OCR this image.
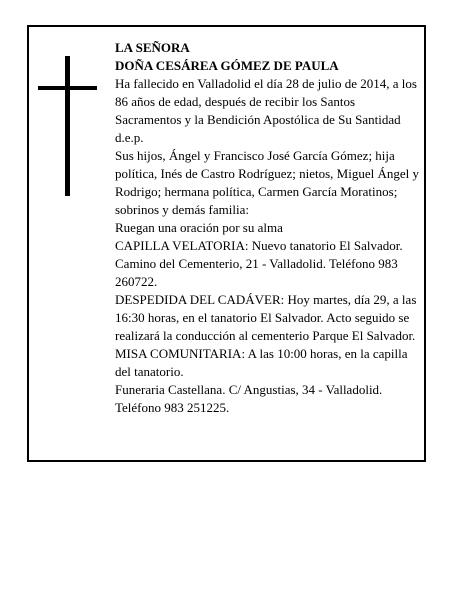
LA SEÑORA

DOÑA CESÁREA GÓMEZ DE PAULA

Ha fallecido en Valladolid el día 28 de julio de 2014, a los 86 años de edad, después de recibir los Santos Sacramentos y la Bendición Apostólica de Su Santidad d.e.p.

Sus hijos, Ángel y Francisco José García Gómez; hija política, Inés de Castro Rodríguez; nietos, Miguel Ángel y Rodrigo; hermana política, Carmen García Moratinos; sobrinos y demás familia:

Ruegan una oración por su alma

CAPILLA VELATORIA: Nuevo tanatorio El Salvador. Camino del Cementerio, 21 - Valladolid. Teléfono 983 260722.

DESPEDIDA DEL CADÁVER: Hoy martes, día 29, a las 16:30 horas, en el tanatorio El Salvador. Acto seguido se realizará la conducción al cementerio Parque El Salvador.

MISA COMUNITARIA: A las 10:00 horas, en la capilla del tanatorio.

Funeraria Castellana. C/ Angustias, 34 - Valladolid. Teléfono 983 251225.
